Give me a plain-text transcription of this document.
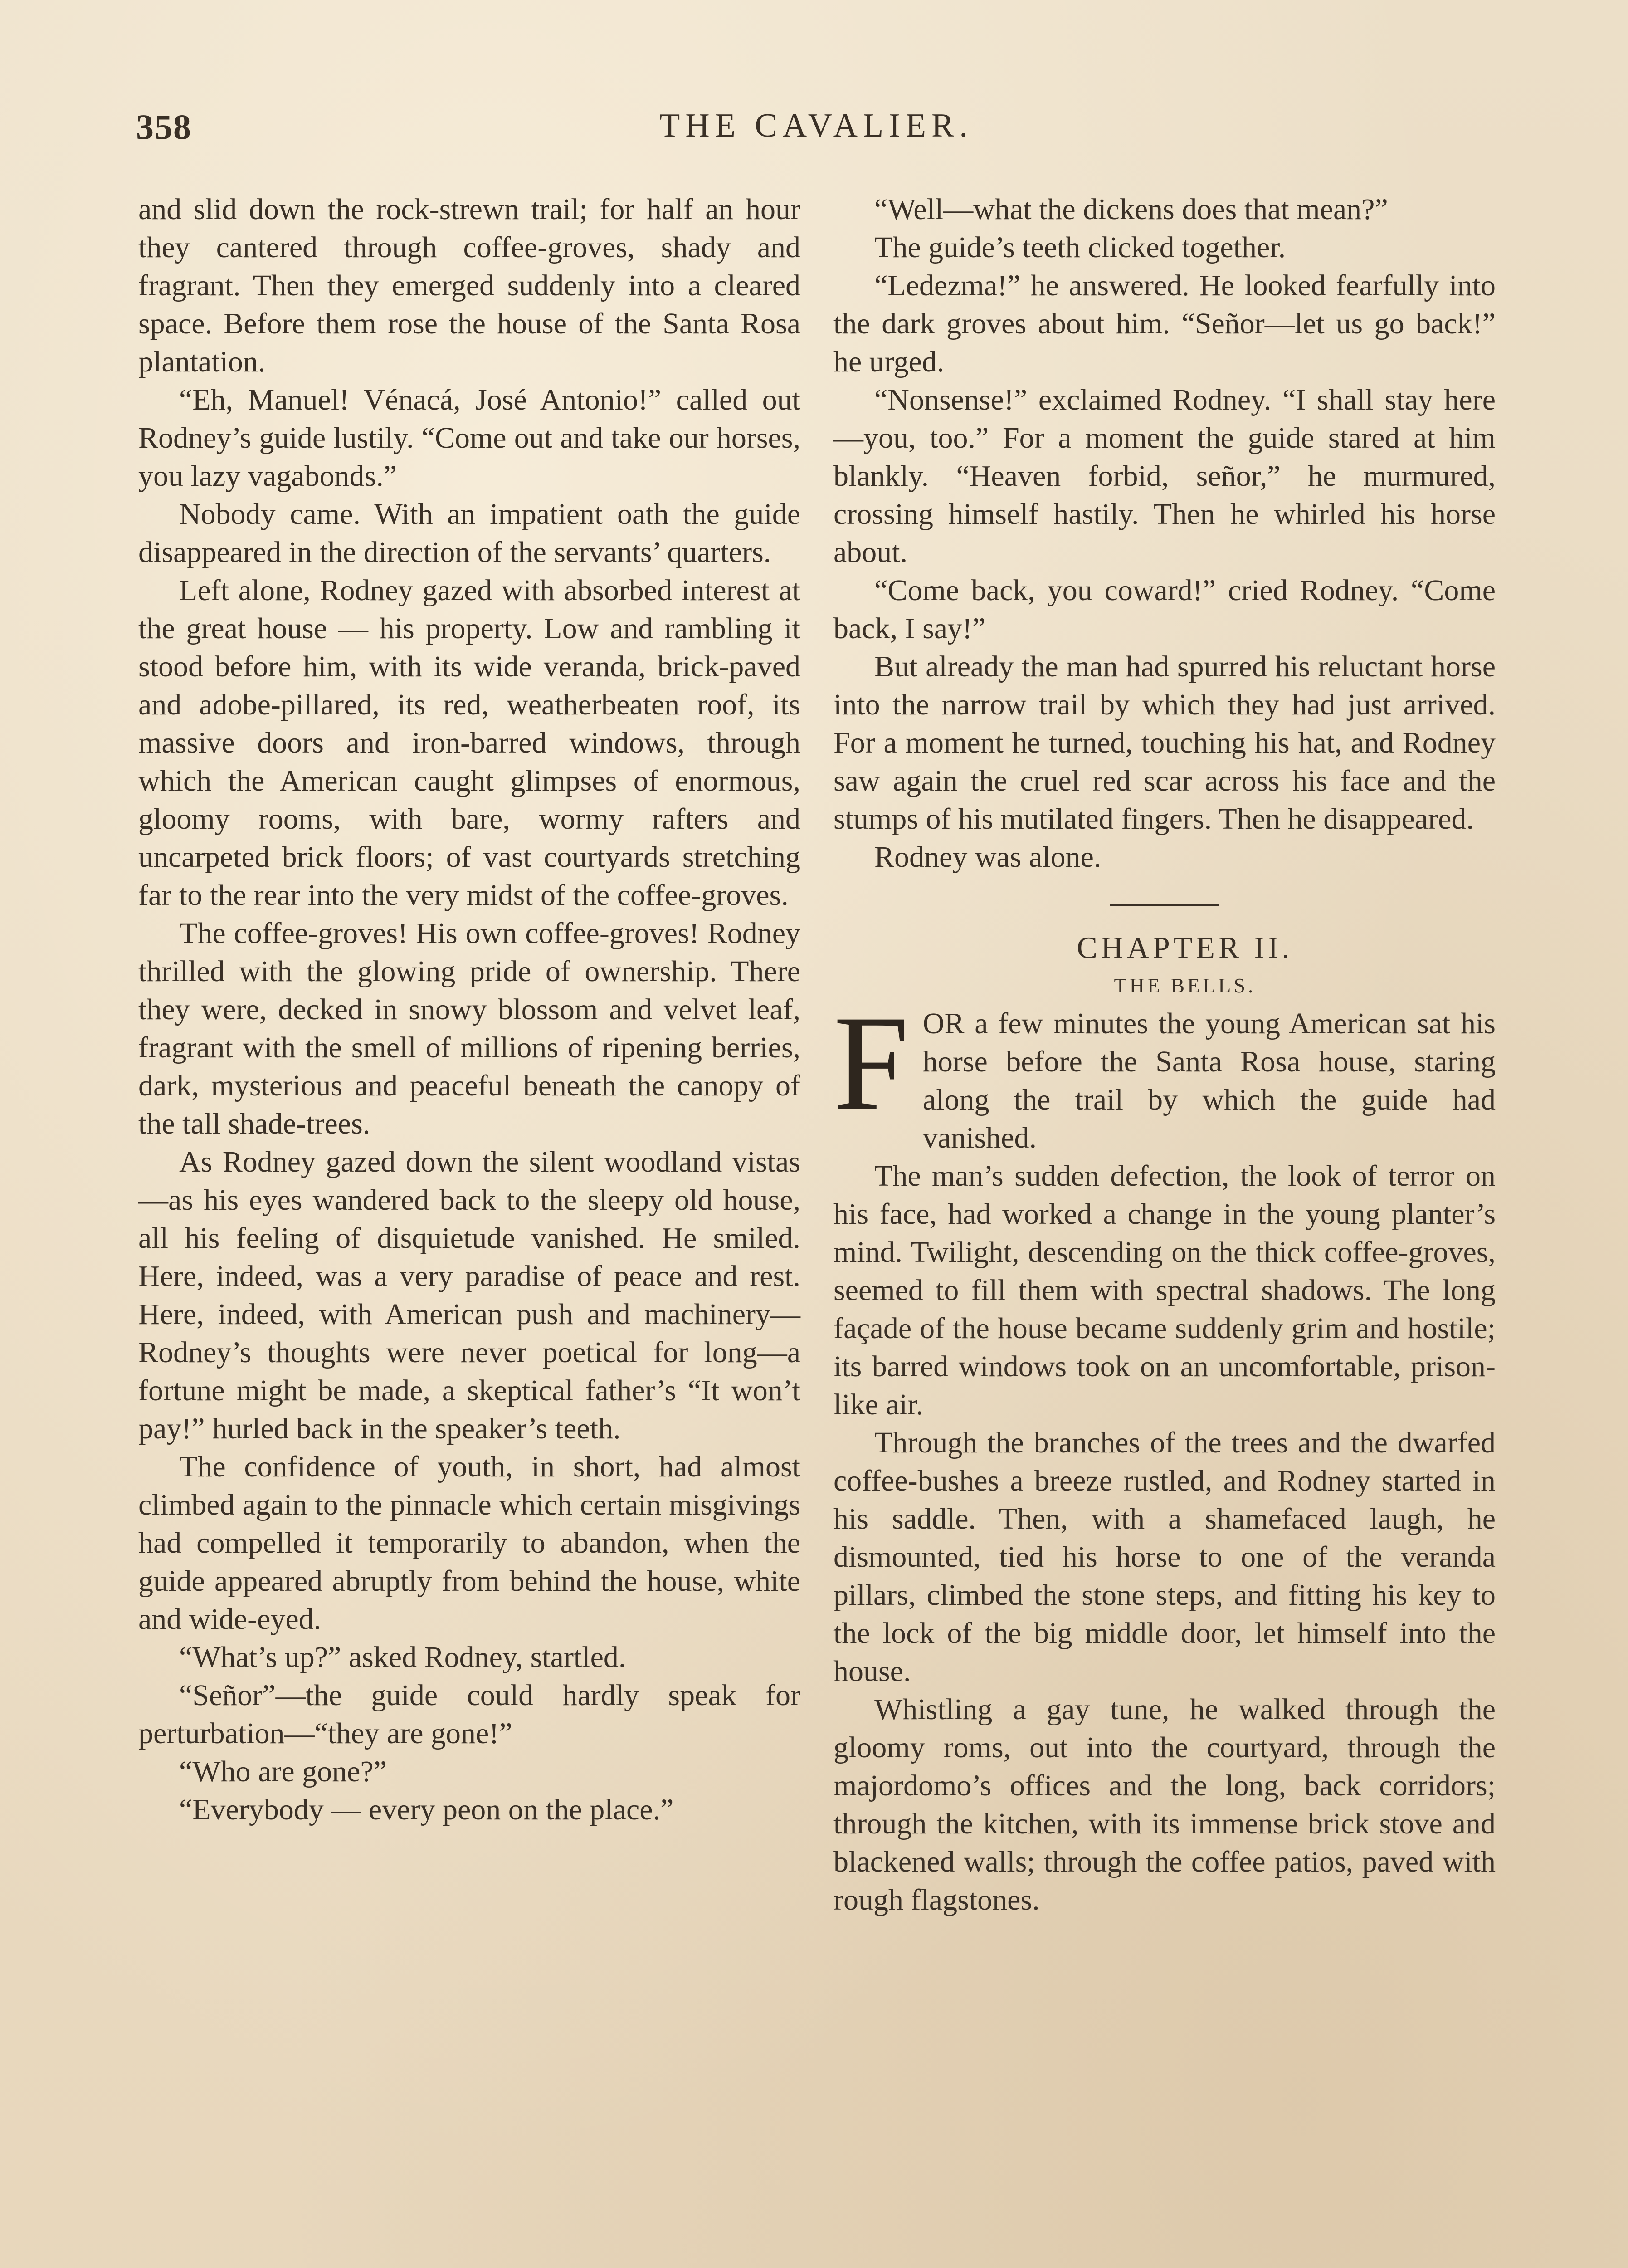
358	THE CAVALIER.

and slid down the rock-strewn trail; for half an hour they cantered through coffee-groves, shady and fragrant. Then they emerged suddenly into a cleared space. Before them rose the house of the Santa Rosa plantation.

“Eh, Manuel! Vénacá, José Antonio!” called out Rodney’s guide lustily. “Come out and take our horses, you lazy vagabonds.”

Nobody came. With an impatient oath the guide disappeared in the direction of the servants’ quarters.

Left alone, Rodney gazed with absorbed interest at the great house — his property. Low and rambling it stood before him, with its wide veranda, brick-paved and adobe-pillared, its red, weatherbeaten roof, its massive doors and iron-barred windows, through which the American caught glimpses of enormous, gloomy rooms, with bare, wormy rafters and uncarpeted brick floors; of vast courtyards stretching far to the rear into the very midst of the coffee-groves.

The coffee-groves! His own coffee-groves! Rodney thrilled with the glowing pride of ownership. There they were, decked in snowy blossom and velvet leaf, fragrant with the smell of millions of ripening berries, dark, mysterious and peaceful beneath the canopy of the tall shade-trees.

As Rodney gazed down the silent woodland vistas—as his eyes wandered back to the sleepy old house, all his feeling of disquietude vanished. He smiled. Here, indeed, was a very paradise of peace and rest. Here, indeed, with American push and machinery—Rodney’s thoughts were never poetical for long—a fortune might be made, a skeptical father’s “It won’t pay!” hurled back in the speaker’s teeth.

The confidence of youth, in short, had almost climbed again to the pinnacle which certain misgivings had compelled it temporarily to abandon, when the guide appeared abruptly from behind the house, white and wide-eyed.

“What’s up?” asked Rodney, startled.

“Señor”—the guide could hardly speak for perturbation—“they are gone!”

“Who are gone?”

“Everybody — every peon on the place.”

“Well—what the dickens does that mean?”

The guide’s teeth clicked together.

“Ledezma!” he answered. He looked fearfully into the dark groves about him. “Señor—let us go back!” he urged.

“Nonsense!” exclaimed Rodney. “I shall stay here—you, too.” For a moment the guide stared at him blankly. “Heaven forbid, señor,” he murmured, crossing himself hastily. Then he whirled his horse about.

“Come back, you coward!” cried Rodney. “Come back, I say!”

But already the man had spurred his reluctant horse into the narrow trail by which they had just arrived. For a moment he turned, touching his hat, and Rodney saw again the cruel red scar across his face and the stumps of his mutilated fingers. Then he disappeared.

Rodney was alone.

CHAPTER II.

THE BELLS.

FOR a few minutes the young American sat his horse before the Santa Rosa house, staring along the trail by which the guide had vanished.

The man’s sudden defection, the look of terror on his face, had worked a change in the young planter’s mind. Twilight, descending on the thick coffee-groves, seemed to fill them with spectral shadows. The long façade of the house became suddenly grim and hostile; its barred windows took on an uncomfortable, prison-like air.

Through the branches of the trees and the dwarfed coffee-bushes a breeze rustled, and Rodney started in his saddle. Then, with a shamefaced laugh, he dismounted, tied his horse to one of the veranda pillars, climbed the stone steps, and fitting his key to the lock of the big middle door, let himself into the house.

Whistling a gay tune, he walked through the gloomy roms, out into the courtyard, through the majordomo’s offices and the long, back corridors; through the kitchen, with its immense brick stove and blackened walls; through the coffee patios, paved with rough flagstones.
